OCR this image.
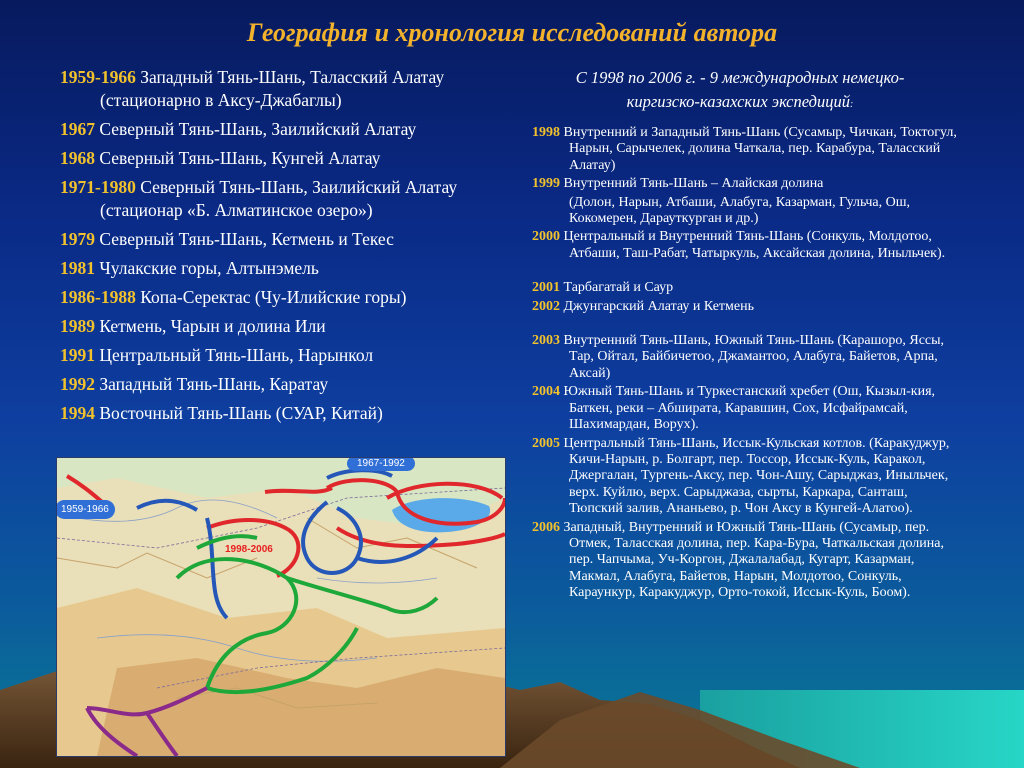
География и хронология исследований автора
1959-1966 Западный Тянь-Шань, Таласский Алатау (стационарно в Аксу-Джабаглы)
1967 Северный Тянь-Шань, Заилийский Алатау
1968 Северный Тянь-Шань, Кунгей Алатау
1971-1980 Северный Тянь-Шань, Заилийский Алатау (стационар «Б. Алматинское озеро»)
1979 Северный Тянь-Шань, Кетмень и Текес
1981 Чулакские горы, Алтынэмель
1986-1988 Копа-Серектас (Чу-Илийские горы)
1989 Кетмень, Чарын и долина Или
1991 Центральный Тянь-Шань, Нарынкол
1992 Западный Тянь-Шань, Каратау
1994 Восточный Тянь-Шань (СУАР, Китай)
С 1998 по 2006 г. - 9 международных немецко-киргизско-казахских экспедиций:
1998 Внутренний и Западный Тянь-Шань (Сусамыр, Чичкан, Токтогул, Нарын, Сарычелек, долина Чаткала, пер. Карабура, Таласский Алатау)
1999 Внутренний Тянь-Шань – Алайская долина
(Долон, Нарын, Атбаши, Алабуга, Казарман, Гульча, Ош, Кокомерен, Дарауткурган и др.)
2000 Центральный и Внутренний Тянь-Шань (Сонкуль, Молдотоо, Атбаши, Таш-Рабат, Чатыркуль, Аксайская долина, Иныльчек).
2001 Тарбагатай и Саур
2002 Джунгарский Алатау и Кетмень
2003 Внутренний Тянь-Шань, Южный Тянь-Шань (Карашоро, Яссы, Тар, Ойтал, Байбичетоо, Джамантоо, Алабуга, Байетов, Арпа, Аксай)
2004 Южный Тянь-Шань и Туркестанский хребет (Ош, Кызыл-кия, Баткен, реки – Абширата, Каравшин, Сох, Исфайрамсай, Шахимардан, Ворух).
2005 Центральный Тянь-Шань, Иссык-Кульская котлов. (Каракуджур, Кичи-Нарын, р. Болгарт, пер. Тоссор, Иссык-Куль, Каракол, Джергалан, Тургень-Аксу, пер. Чон-Ашу, Сарыджаз, Иныльчек, верх. Куйлю, верх. Сарыджаза, сырты, Каркара, Санташ, Тюпский залив, Ананьево, р. Чон Аксу в Кунгей-Алатоо).
2006 Западный, Внутренний и Южный Тянь-Шань (Сусамыр, пер. Отмек, Таласская долина, пер. Кара-Бура, Чаткальская долина, пер. Чапчыма, Уч-Коргон, Джалалабад, Кугарт, Казарман, Макмал, Алабуга, Байетов, Нарын, Молдотоо, Сонкуль, Караункур, Каракуджур, Орто-токой, Иссык-Куль, Боом).
1967-1992
1959-1966
1998-2006
